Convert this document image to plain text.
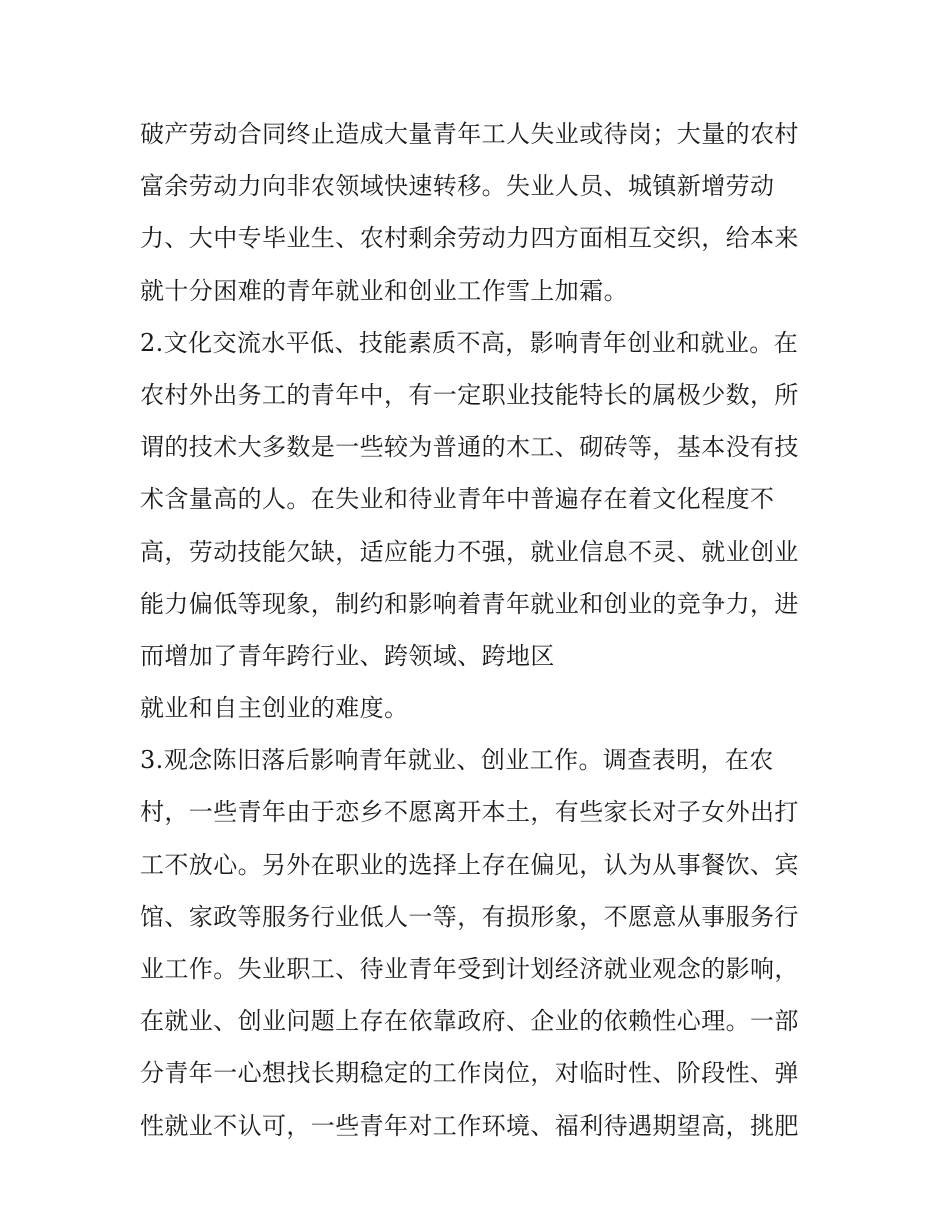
破产劳动合同终止造成大量青年工人失业或待岗；大量的农村
富余劳动力向非农领域快速转移。失业人员、城镇新增劳动
力、大中专毕业生、农村剩余劳动力四方面相互交织，给本来
就十分困难的青年就业和创业工作雪上加霜。
2.文化交流水平低、技能素质不高，影响青年创业和就业。在
农村外出务工的青年中，有一定职业技能特长的属极少数，所
谓的技术大多数是一些较为普通的木工、砌砖等，基本没有技
术含量高的人。在失业和待业青年中普遍存在着文化程度不
高，劳动技能欠缺，适应能力不强，就业信息不灵、就业创业
能力偏低等现象，制约和影响着青年就业和创业的竞争力，进
而增加了青年跨行业、跨领域、跨地区
就业和自主创业的难度。
3.观念陈旧落后影响青年就业、创业工作。调查表明，在农
村，一些青年由于恋乡不愿离开本土，有些家长对子女外出打
工不放心。另外在职业的选择上存在偏见，认为从事餐饮、宾
馆、家政等服务行业低人一等，有损形象，不愿意从事服务行
业工作。失业职工、待业青年受到计划经济就业观念的影响，
在就业、创业问题上存在依靠政府、企业的依赖性心理。一部
分青年一心想找长期稳定的工作岗位，对临时性、阶段性、弹
性就业不认可，一些青年对工作环境、福利待遇期望高，挑肥
